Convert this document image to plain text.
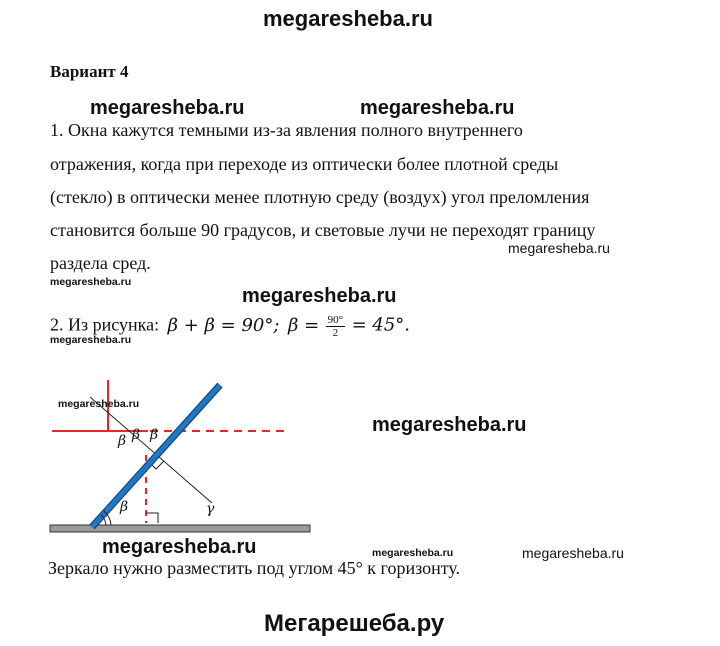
megaresheba.ru
Вариант 4
megaresheba.ru	megaresheba.ru
1. Окна кажутся темными из-за явления полного внутреннего
отражения, когда при переходе из оптически более плотной среды
(стекло) в оптически менее плотную среду (воздух) угол преломления
становится больше 90 градусов, и световые лучи не переходят границу
раздела сред.
megaresheba.ru
megaresheba.ru
megaresheba.ru
2. Из рисунка: β + β = 90°; $\beta = \frac{90^\circ}{2} = 45^\circ$.
megaresheba.ru
β β
β
β	γ
megaresheba.ru
megaresheba.ru
megaresheba.ru	megaresheba.ru	megaresheba.ru
Зеркало нужно разместить под углом 45° к горизонту.
Мегарешеба.ру
